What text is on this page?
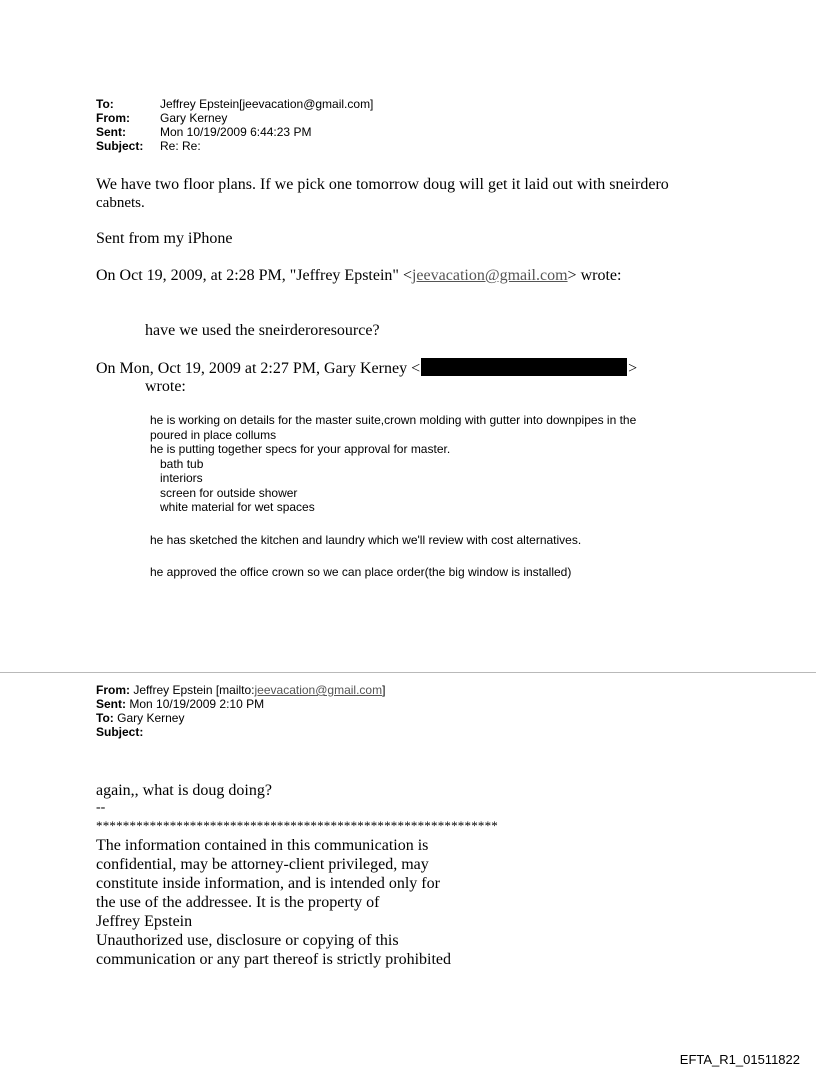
To:	Jeffrey Epstein[jeevacation@gmail.com]
From:	Gary Kerney
Sent:	Mon 10/19/2009 6:44:23 PM
Subject:	Re: Re:
We have two floor plans. If we pick one tomorrow doug will get it laid out with sneirdero
cabnets.
Sent from my iPhone
On Oct 19, 2009, at 2:28 PM, "Jeffrey Epstein" <jeevacation@gmail.com> wrote:
have we used the sneirderoresource?
On Mon, Oct 19, 2009 at 2:27 PM, Gary Kerney <	>
wrote:
he is working on details for the master suite,crown molding with gutter into downpipes in the
poured in place collums
he is putting together specs for your approval for master.
bath tub
interiors
screen for outside shower
white material for wet spaces
he has sketched the kitchen and laundry which we'll review with cost alternatives.
he approved the office crown so we can place order(the big window is installed)
From: Jeffrey Epstein [mailto:jeevacation@gmail.com]
Sent: Mon 10/19/2009 2:10 PM
To: Gary Kerney
Subject:
again,, what is doug doing?
--
************************************************************
The information contained in this communication is
confidential, may be attorney-client privileged, may
constitute inside information, and is intended only for
the use of the addressee. It is the property of
Jeffrey Epstein
Unauthorized use, disclosure or copying of this
communication or any part thereof is strictly prohibited
EFTA_R1_01511822
